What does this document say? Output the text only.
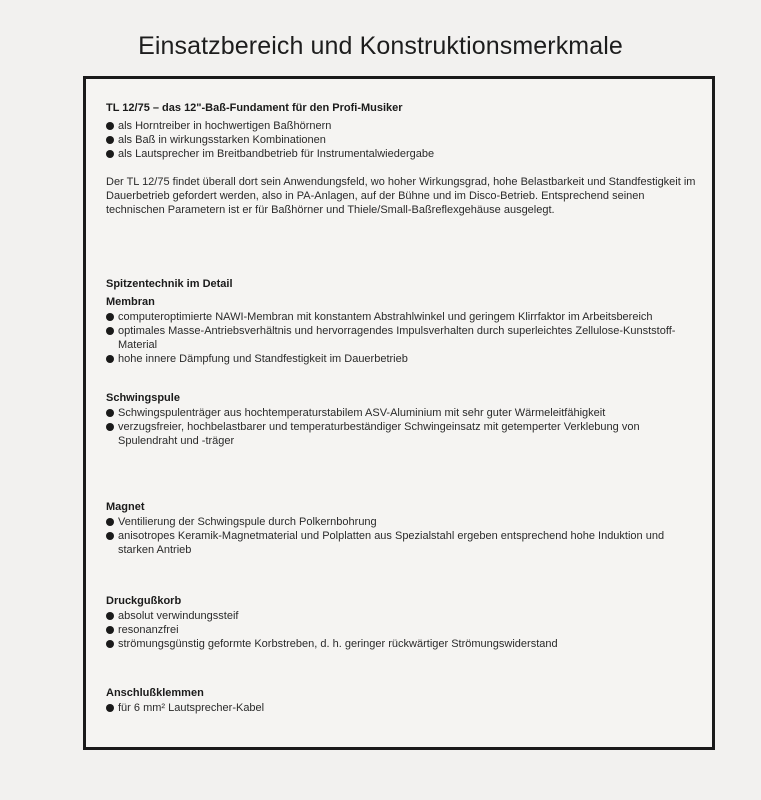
Einsatzbereich und Konstruktionsmerkmale
TL 12/75 – das 12"-Baß-Fundament für den Profi-Musiker
als Horntreiber in hochwertigen Baßhörnern
als Baß in wirkungsstarken Kombinationen
als Lautsprecher im Breitbandbetrieb für Instrumentalwiedergabe

Der TL 12/75 findet überall dort sein Anwendungsfeld, wo hoher Wirkungsgrad, hohe Belastbarkeit und Standfestigkeit im Dauerbetrieb gefordert werden, also in PA-Anlagen, auf der Bühne und im Disco-Betrieb. Entsprechend seinen technischen Parametern ist er für Baßhörner und Thiele/Small-Baßreflexgehäuse ausgelegt.

Spitzentechnik im Detail
Membran
computeroptimierte NAWI-Membran mit konstantem Abstrahlwinkel und geringem Klirrfaktor im Arbeitsbereich
optimales Masse-Antriebsverhältnis und hervorragendes Impulsverhalten durch superleichtes Zellulose-Kunststoff-Material
hohe innere Dämpfung und Standfestigkeit im Dauerbetrieb
Schwingspule
Schwingspulenträger aus hochtemperaturstabilem ASV-Aluminium mit sehr guter Wärmeleitfähigkeit
verzugsfreier, hochbelastbarer und temperaturbeständiger Schwingeinsatz mit getemperter Verklebung von Spulendraht und -träger
Magnet
Ventilierung der Schwingspule durch Polkernbohrung
anisotropes Keramik-Magnetmaterial und Polplatten aus Spezialstahl ergeben entsprechend hohe Induktion und starken Antrieb
Druckgußkorb
absolut verwindungssteif
resonanzfrei
strömungsgünstig geformte Korbstreben, d. h. geringer rückwärtiger Strömungswiderstand
Anschlußklemmen
für 6 mm² Lautsprecher-Kabel
